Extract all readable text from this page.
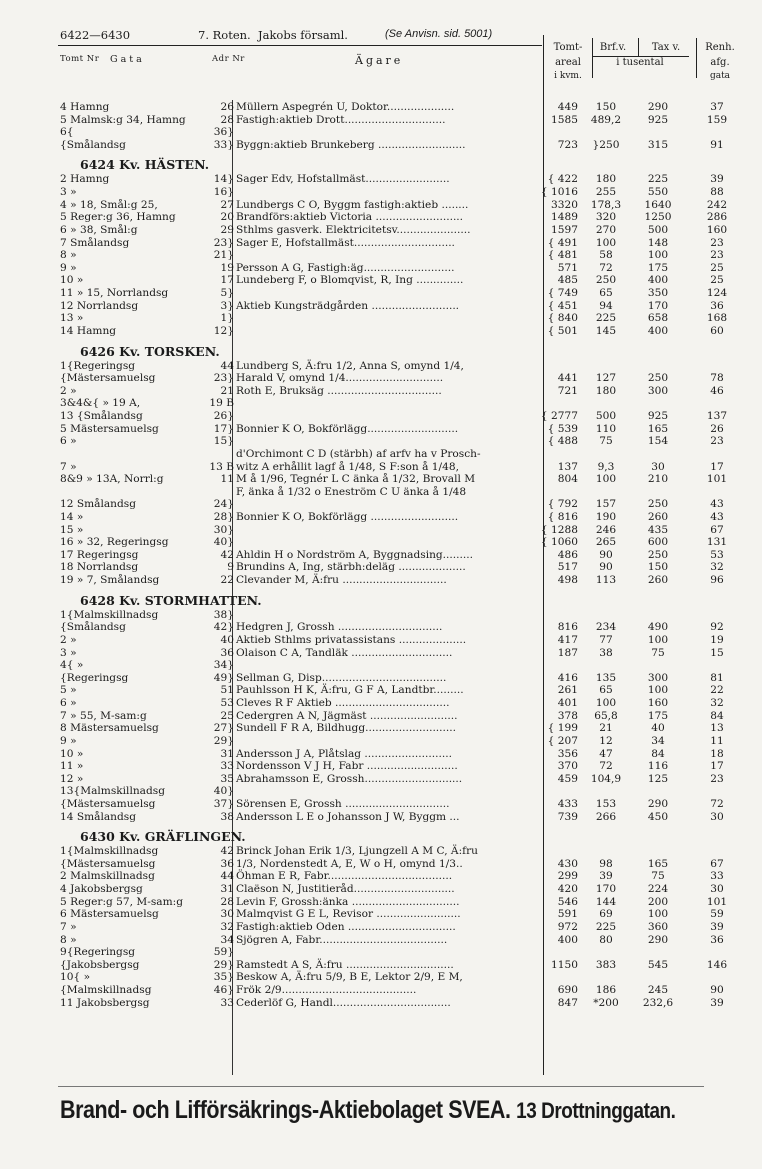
6422—6430	7. Roten. Jakobs församl.	(Se Anvisn. sid. 5001)
Tomt Nr Gata	Adr Nr	Ägare
Tomt-
areal
i kvm.
Brf.v.	Tax v.
i tusental
Renh.
afg.
gata
4 Hamng	26 Müllern Aspegrén U, Doktor....................	449	150	290	37
5 Malmsk:g 34, Hamng	28 Fastigh:aktieb Drott..............................	1585	489,2	925	159
6{	36}
{Smålandsg	33} Byggn:aktieb Brunkeberg ..........................	723	}250	315	91
6424 Kv. HÄSTEN.
2 Hamng	14} Sager Edv, Hofstallmäst.........................	{ 422	180	225	39
3 »	16}	{ 1016	255	550	88
4 » 18, Smål:g 25,	27 Lundbergs C O, Byggm fastigh:aktieb ........	3320	178,3	1640	242
5 Reger:g 36, Hamng	20 Brandförs:aktieb Victoria ..........................	1489	320	1250	286
6 » 38, Smål:g	29 Sthlms gasverk. Elektricitetsv......................	1597	270	500	160
7 Smålandsg	23} Sager E, Hofstallmäst..............................	{ 491	100	148	23
8 »	21}	{ 481	58	100	23
9 »	19 Persson A G, Fastigh:äg...........................	571	72	175	25
10 »	17 Lundeberg F, o Blomqvist, R, Ing ..............	485	250	400	25
11 » 15, Norrlandsg	5}	{ 749	65	350	124
12 Norrlandsg	3} Aktieb Kungsträdgården ..........................	{ 451	94	170	36
13 »	1}	{ 840	225	658	168
14 Hamng	12}	{ 501	145	400	60
6426 Kv. TORSKEN.
1{Regeringsg	44 Lundberg S, Ä:fru 1/2, Anna S, omynd 1/4,
{Mästersamuelsg	23} Harald V, omynd 1/4.............................	441	127	250	78
2 »	21 Roth E, Bruksäg ..................................	721	180	300	46
3&4&{ » 19 A,	19 B
13 {Smålandsg	26}	{ 2777	500	925	137
5 Mästersamuelsg	17} Bonnier K O, Bokförlägg...........................	{ 539	110	165	26
6 »	15}	{ 488	75	154	23
d'Orchimont C D (stärbh) af arfv ha v Prosch-
7 »	13 B witz A erhållit lagf å 1/48, S F:son å 1/48,	137	9,3	30	17
8&9 » 13A, Norrl:g	11 M å 1/96, Tegnér L C änka å 1/32, Brovall M	804	100	210	101
F, änka å 1/32 o Eneström C U änka å 1/48
12 Smålandsg	24}	{ 792	157	250	43
14 »	28} Bonnier K O, Bokförlägg ..........................	{ 816	190	260	43
15 »	30}	{ 1288	246	435	67
16 » 32, Regeringsg	40}	{ 1060	265	600	131
17 Regeringsg	42 Ahldin H o Nordström A, Byggnadsing.........	486	90	250	53
18 Norrlandsg	9 Brundins A, Ing, stärbh:deläg ....................	517	90	150	32
19 » 7, Smålandsg	22 Clevander M, Ä:fru ...............................	498	113	260	96
6428 Kv. STORMHATTEN.
1{Malmskillnadsg	38}
{Smålandsg	42} Hedgren J, Grossh ...............................	816	234	490	92
2 »	40 Aktieb Sthlms privatassistans ....................	417	77	100	19
3 »	36 Olaison C A, Tandläk ..............................	187	38	75	15
4{ »	34}
{Regeringsg	49} Sellman G, Disp.....................................	416	135	300	81
5 »	51 Pauhlsson H K, Ä:fru, G F A, Landtbr.........	261	65	100	22
6 »	53 Cleves R F Aktieb ..................................	401	100	160	32
7 » 55, M-sam:g	25 Cedergren A N, Jägmäst ..........................	378	65,8	175	84
8 Mästersamuelsg	27} Sundell F R A, Bildhugg...........................	{ 199	21	40	13
9 »	29}	{ 207	12	34	11
10 »	31 Andersson J A, Plåtslag ..........................	356	47	84	18
11 »	33 Nordensson V J H, Fabr ...........................	370	72	116	17
12 »	35 Abrahamsson E, Grossh.............................	459	104,9	125	23
13{Malmskillnadsg	40}
{Mästersamuelsg	37} Sörensen E, Grossh ...............................	433	153	290	72
14 Smålandsg	38 Andersson L E o Johansson J W, Byggm ...	739	266	450	30
6430 Kv. GRÄFLINGEN.
1{Malmskillnadsg	42 Brinck Johan Erik 1/3, Ljungzell A M C, Ä:fru
{Mästersamuelsg	36 1/3, Nordenstedt A, E, W o H, omynd 1/3..	430	98	165	67
2 Malmskillnadsg	44 Öhman E R, Fabr.....................................	299	39	75	33
4 Jakobsbergsg	31 Claëson N, Justitieråd..............................	420	170	224	30
5 Reger:g 57, M-sam:g	28 Levin F, Grossh:änka ................................	546	144	200	101
6 Mästersamuelsg	30 Malmqvist G E L, Revisor .........................	591	69	100	59
7 »	32 Fastigh:aktieb Oden ................................	972	225	360	39
8 »	34 Sjögren A, Fabr......................................	400	80	290	36
9{Regeringsg	59}
{Jakobsbergsg	29} Ramstedt A S, Ä:fru ................................	1150	383	545	146
10{ »	35} Beskow A, Ä:fru 5/9, B E, Lektor 2/9, E M,
{Malmskillnadsg	46} Frök 2/9........................................	690	186	245	90
11 Jakobsbergsg	33 Cederlöf G, Handl...................................	847	*200	232,6	39
Brand- och Lifförsäkrings-Aktiebolaget SVEA. 13 Drottninggatan.
